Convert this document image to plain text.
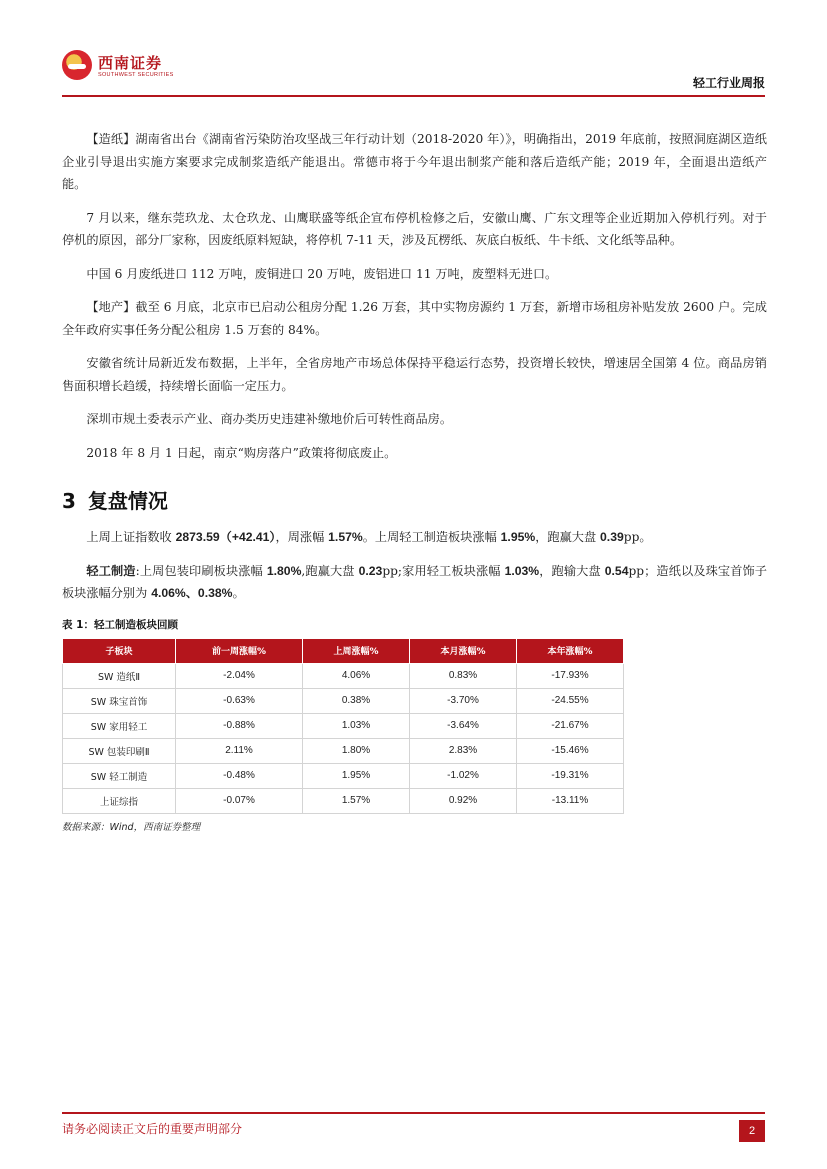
西南证券
SOUTHWEST SECURITIES
轻工行业周报

【造纸】湖南省出台《湖南省污染防治攻坚战三年行动计划（2018-2020 年）》，明确指出，2019 年底前，按照洞庭湖区造纸企业引导退出实施方案要求完成制浆造纸产能退出。常德市将于今年退出制浆产能和落后造纸产能；2019 年，全面退出造纸产能。

7 月以来，继东莞玖龙、太仓玖龙、山鹰联盛等纸企宣布停机检修之后，安徽山鹰、广东文理等企业近期加入停机行列。对于停机的原因，部分厂家称，因废纸原料短缺，将停机 7-11 天，涉及瓦楞纸、灰底白板纸、牛卡纸、文化纸等品种。

中国 6 月废纸进口 112 万吨，废铜进口 20 万吨，废铝进口 11 万吨，废塑料无进口。

【地产】截至 6 月底，北京市已启动公租房分配 1.26 万套，其中实物房源约 1 万套，新增市场租房补贴发放 2600 户。完成全年政府实事任务分配公租房 1.5 万套的 84%。

安徽省统计局新近发布数据，上半年，全省房地产市场总体保持平稳运行态势，投资增长较快，增速居全国第 4 位。商品房销售面积增长趋缓，持续增长面临一定压力。

深圳市规土委表示产业、商办类历史违建补缴地价后可转性商品房。

2018 年 8 月 1 日起，南京“购房落户”政策将彻底废止。

3 复盘情况

上周上证指数收 2873.59（+42.41），周涨幅 1.57%。上周轻工制造板块涨幅 1.95%，跑赢大盘 0.39pp。

轻工制造:上周包装印刷板块涨幅 1.80%,跑赢大盘 0.23pp;家用轻工板块涨幅 1.03%，跑输大盘 0.54pp；造纸以及珠宝首饰子板块涨幅分别为 4.06%、0.38%。

表 1：轻工制造板块回顾
子板块	前一周涨幅%	上周涨幅%	本月涨幅%	本年涨幅%
SW 造纸Ⅱ	-2.04%	4.06%	0.83%	-17.93%
SW 珠宝首饰	-0.63%	0.38%	-3.70%	-24.55%
SW 家用轻工	-0.88%	1.03%	-3.64%	-21.67%
SW 包装印刷Ⅱ	2.11%	1.80%	2.83%	-15.46%
SW 轻工制造	-0.48%	1.95%	-1.02%	-19.31%
上证综指	-0.07%	1.57%	0.92%	-13.11%
数据来源：Wind，西南证券整理
请务必阅读正文后的重要声明部分	2
